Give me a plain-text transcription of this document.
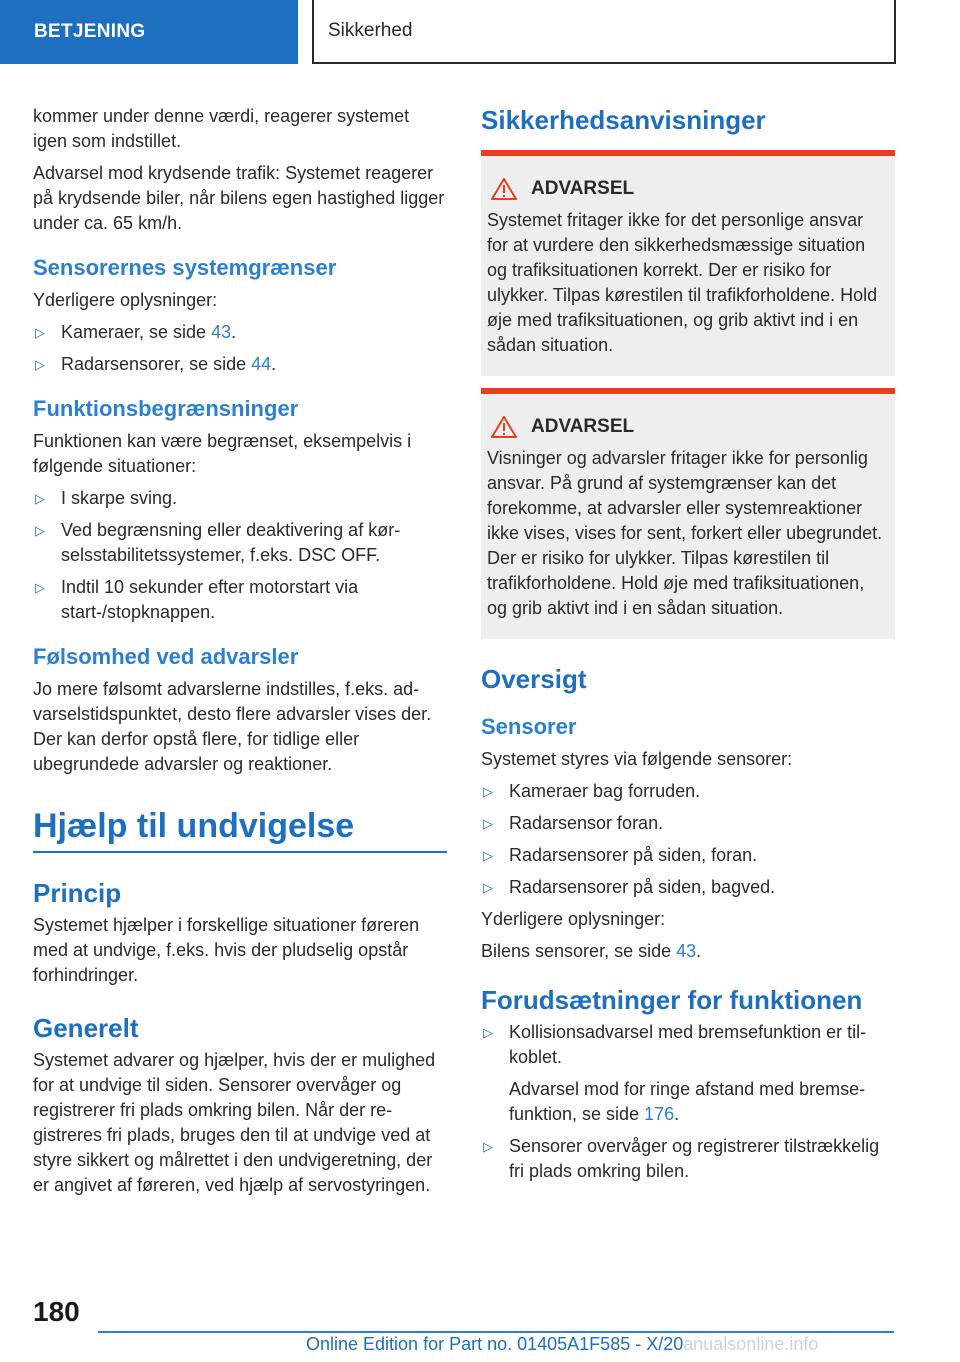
BETJENING	Sikkerhed

kommer under denne værdi, reagerer systemet igen som indstillet.

Advarsel mod krydsende trafik: Systemet reagerer på krydsende biler, når bilens egen hastighed ligger under ca. 65 km/h.

Sensorernes systemgrænser

Yderligere oplysninger:

▷ Kameraer, se side 43.
▷ Radarsensorer, se side 44.
Funktionsbegrænsninger

Funktionen kan være begrænset, eksempelvis i følgende situationer:

▷ I skarpe sving.
▷ Ved begrænsning eller deaktivering af kørselsstabilitetssystemer, f.eks. DSC OFF.
▷ Indtil 10 sekunder efter motorstart via start-/stopknappen.
Følsomhed ved advarsler

Jo mere følsomt advarslerne indstilles, f.eks. advarselstidspunktet, desto flere advarsler vises der. Der kan derfor opstå flere, for tidlige eller ubegrundede advarsler og reaktioner.

Hjælp til undvigelse
Princip

Systemet hjælper i forskellige situationer føreren med at undvige, f.eks. hvis der pludselig opstår forhindringer.

Generelt

Systemet advarer og hjælper, hvis der er mulighed for at undvige til siden. Sensorer overvåger og registrerer fri plads omkring bilen. Når der registreres fri plads, bruges den til at undvige ved at styre sikkert og målrettet i den undvigeretning, der er angivet af føreren, ved hjælp af servostyringen.

Sikkerhedsanvisninger
ADVARSEL

Systemet fritager ikke for det personlige ansvar for at vurdere den sikkerhedsmæssige situation og trafiksituationen korrekt. Der er risiko for ulykker. Tilpas kørestilen til trafikforholdene. Hold øje med trafiksituationen, og grib aktivt ind i en sådan situation.

ADVARSEL

Visninger og advarsler fritager ikke for personlig ansvar. På grund af systemgrænser kan det forekomme, at advarsler eller systemreaktioner ikke vises, vises for sent, forkert eller ubegrundet. Der er risiko for ulykker. Tilpas kørestilen til trafikforholdene. Hold øje med trafiksituationen, og grib aktivt ind i en sådan situation.

Oversigt
Sensorer

Systemet styres via følgende sensorer:

▷ Kameraer bag forruden.
▷ Radarsensor foran.
▷ Radarsensorer på siden, foran.
▷ Radarsensorer på siden, bagved.

Yderligere oplysninger:

Bilens sensorer, se side 43.

Forudsætninger for funktionen
▷ Kollisionsadvarsel med bremsefunktion er tilkoblet.
Advarsel mod for ringe afstand med bremsefunktion, se side 176.
▷ Sensorer overvåger og registrerer tilstrækkelig fri plads omkring bilen.
180
Online Edition for Part no. 01405A1F585 - X/20anualsonline.info
